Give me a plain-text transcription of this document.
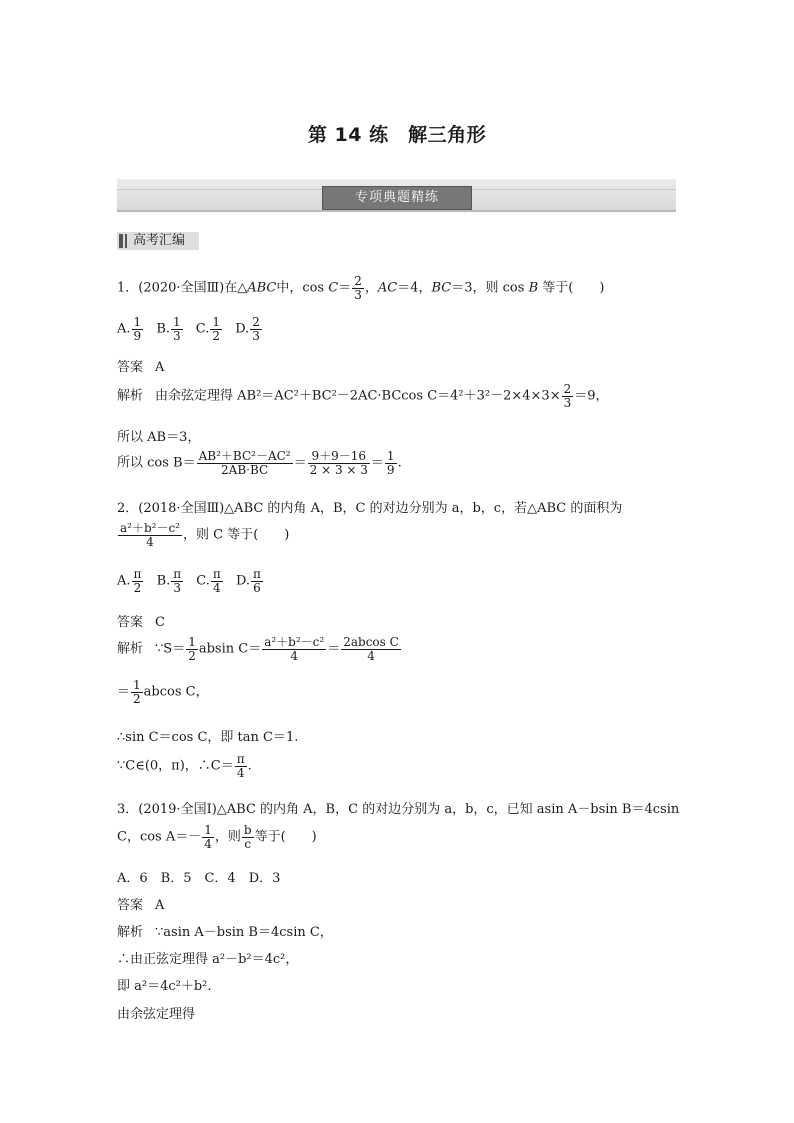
第 14 练　解三角形
专项典题精练
高考汇编
1．(2020·全国Ⅲ)在△ABC中，$\cos C= \frac{2}{3}$ ，AC＝4，BC＝3，则 cos B 等于(　　)
A. $\frac{1}{9} B$. $\frac{1}{3} C$. $\frac{1}{2} D$. $\frac{2}{3}$
答案 A
解析 由余弦定理得 AB²＝AC²＋BC²－2AC·BCcos $C=4^2+3^2-2\times 4\times 3\times \frac{2}{3} =9$，
所以 AB＝3，
所以 $\cos B= \frac{\text{AB²＋BC²－AC²}}{2AB\cdot BC} = \frac{9+9-16}{2 \times 3 \times 3} = \frac{1}{9}$ .
2．(2018·全国Ⅲ)△ABC 的内角 A，B，C 的对边分别为 a，b，c，若△ABC 的面积为
$\frac{\text{a²＋b²－c²}}{4}$ ，则 C 等于(　　)
A. $\frac{\pi}{2} B$. $\frac{\pi}{3} C$. $\frac{\pi}{4} D$. $\frac{\pi}{6}$
答案 C
解析 ∵S＝ $\frac{1}{2}$ absin $C= \frac{\text{a²＋b²－c²}}{4} = \frac{\text{2abcos C}}{4}$
＝ $\frac{1}{2}$ abcos C，
∴sin C＝cos C，即 tan C＝1.
∵C∈(0，π)，∴C＝ $\frac{\pi}{4}$ .
3．(2019·全国Ⅰ)△ABC 的内角 A，B，C 的对边分别为 a，b，c，已知 asin A－bsin B＝4csin
C，$\cos A=- \frac{1}{4}$ ，则 $\frac{b}{c}$ 等于(　　)
A．6　B．5　C．4　D．3
答案 A
解析 ∵asin A－bsin B＝4csin C，
∴由正弦定理得 a²－b²＝4c²，
即 a²＝4c²＋b².
由余弦定理得
